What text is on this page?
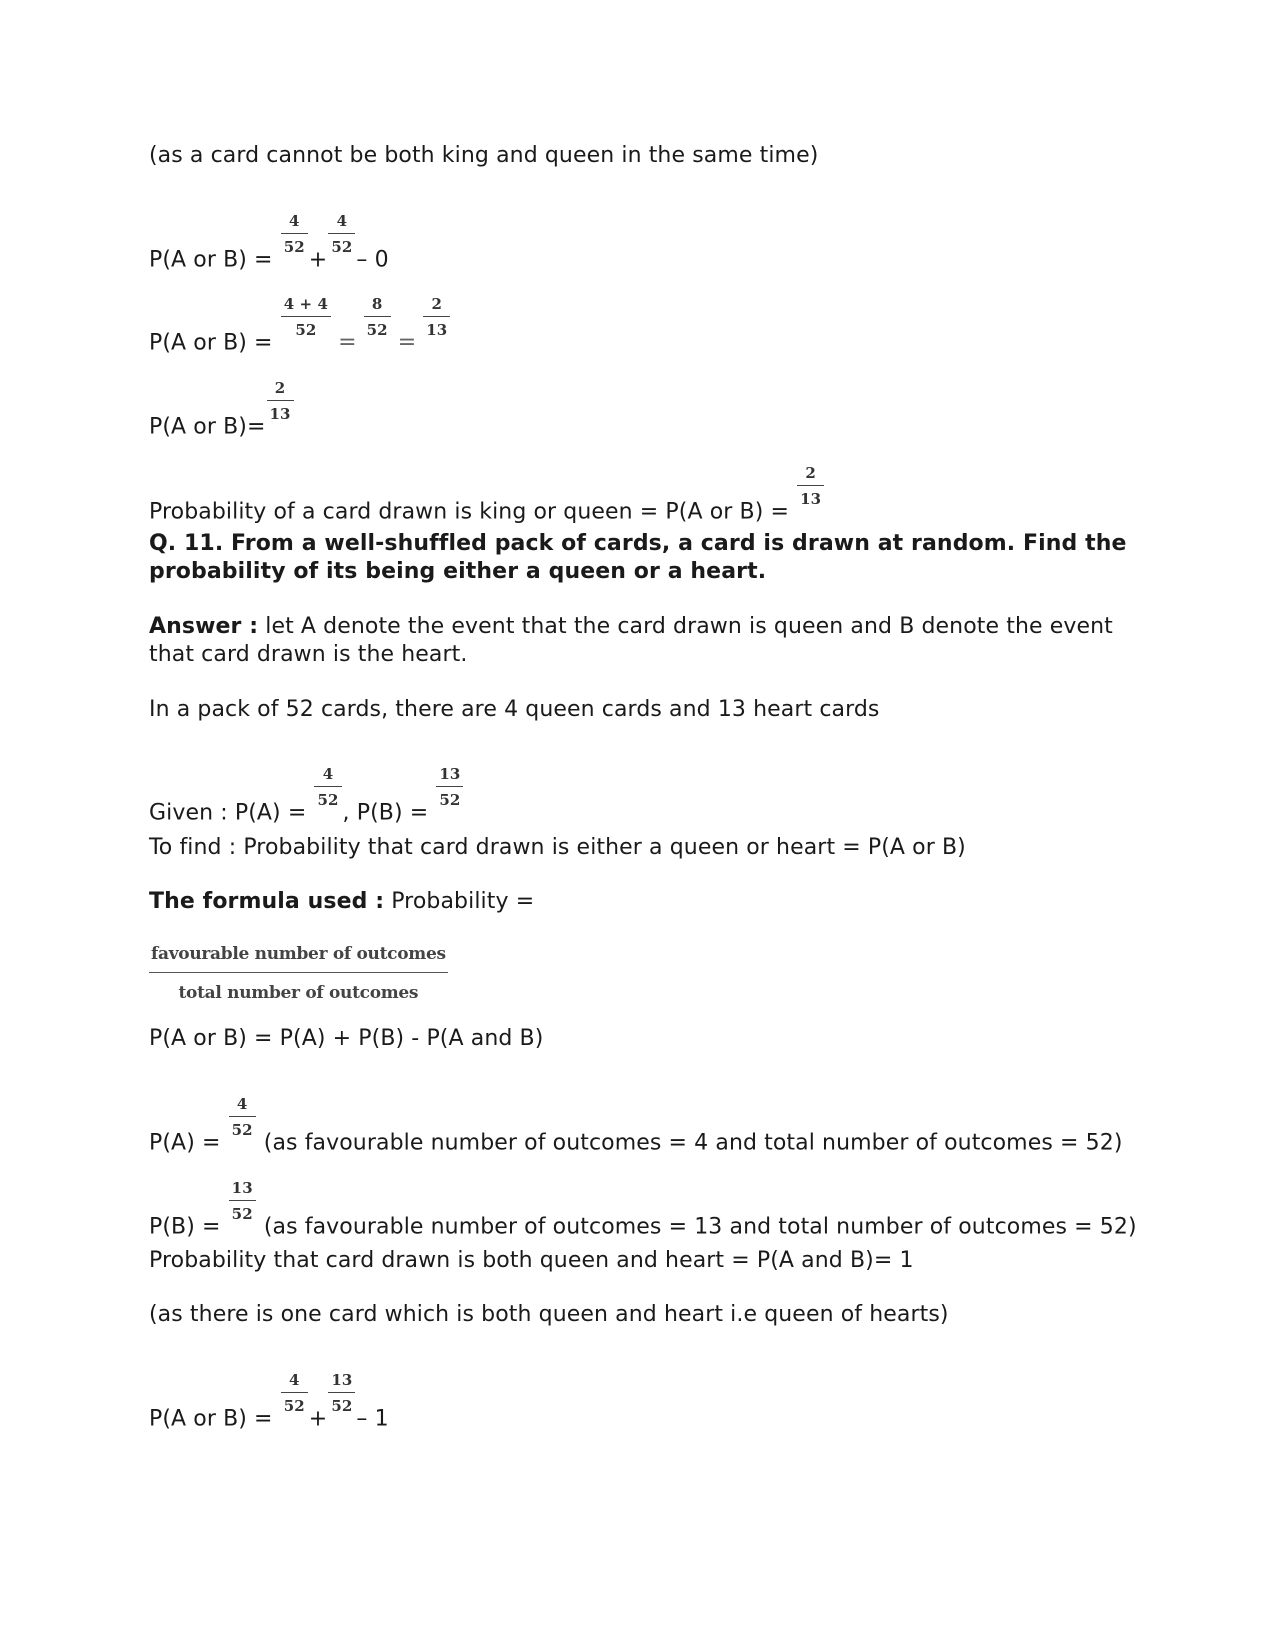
(as a card cannot be both king and queen in the same time)
P(A or B) =
$\frac{4}{52}$
+
$\frac{4}{52}$
– 0
P(A or B) =
$\frac{4 + 4}{52}$
=
$\frac{8}{52}$
=
$\frac{2}{13}$
P(A or B)=
$\frac{2}{13}$
Probability of a card drawn is king or queen = P(A or B) =
$\frac{2}{13}$
Q. 11. From a well-shuffled pack of cards, a card is drawn at random. Find the probability of its being either a queen or a heart.
Answer : let A denote the event that the card drawn is queen and B denote the event that card drawn is the heart.
In a pack of 52 cards, there are 4 queen cards and 13 heart cards
Given : P(A) =
$\frac{4}{52}$
, P(B) =
$\frac{13}{52}$
To find : Probability that card drawn is either a queen or heart = P(A or B)
The formula used : Probability =
$\frac{\text{favourable number of outcomes}}{\text{total number of outcomes}}$
P(A or B) = P(A) + P(B) - P(A and B)
P(A) =
$\frac{4}{52}$
(as favourable number of outcomes = 4 and total number of outcomes = 52)
P(B) =
$\frac{13}{52}$
(as favourable number of outcomes = 13 and total number of outcomes = 52)
Probability that card drawn is both queen and heart = P(A and B)= 1
(as there is one card which is both queen and heart i.e queen of hearts)
P(A or B) =
$\frac{4}{52}$
+
$\frac{13}{52}$
– 1
